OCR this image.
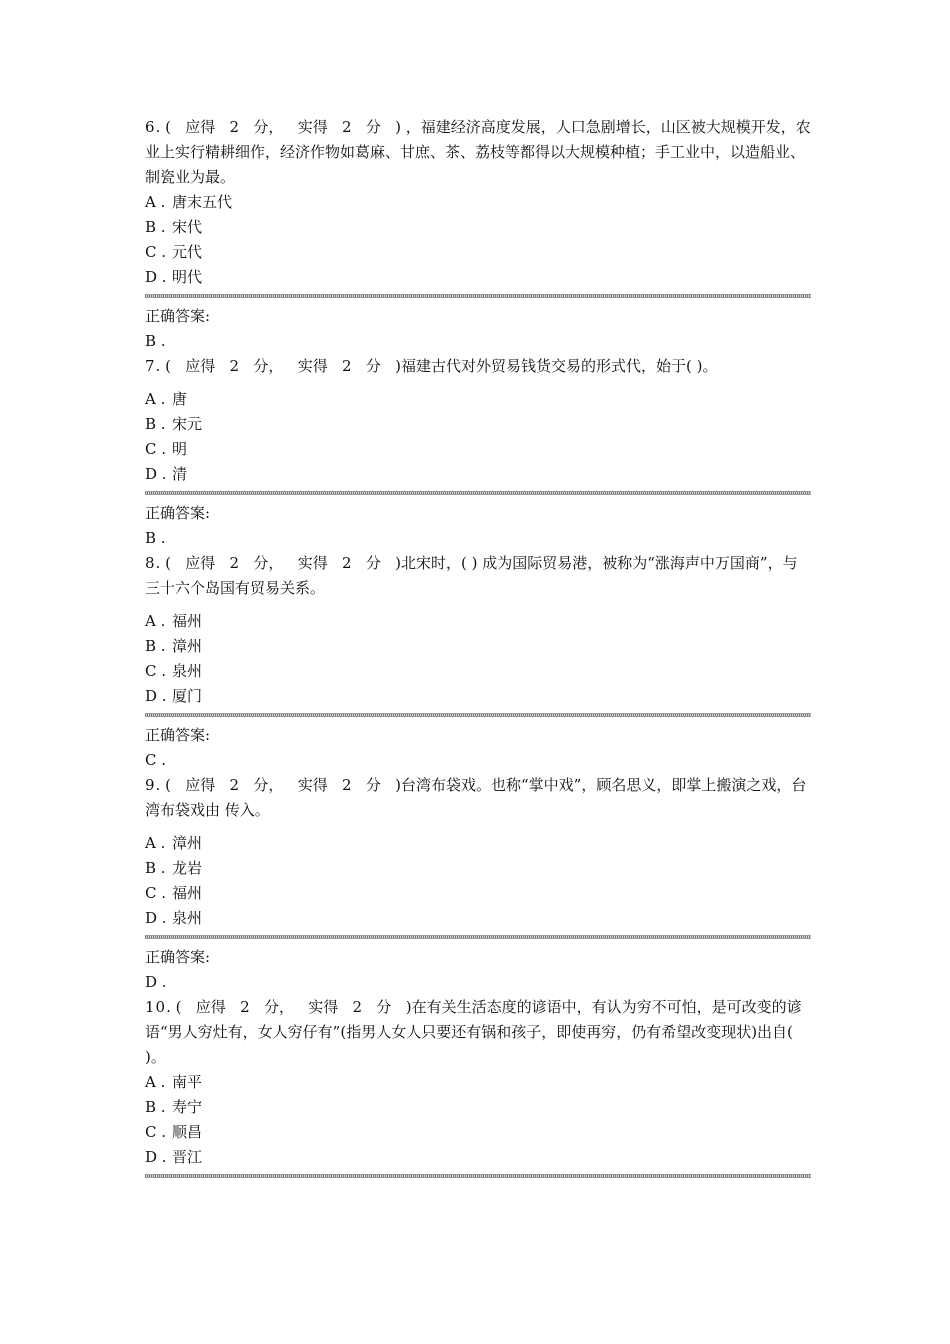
6. (   应得   2   分，   实得   2   分   ) ，福建经济高度发展，人口急剧增长，山区被大规模开发，农业上实行精耕细作，经济作物如葛麻、甘庶、茶、荔枝等都得以大规模种植；手工业中，以造船业、制瓷业为最。

A . 唐末五代
B . 宋代
C . 元代
D . 明代
正确答案:
B .

7. (   应得   2   分，   实得   2   分   )福建古代对外贸易钱货交易的形式代，始于( )。

A . 唐
B . 宋元
C . 明
D . 清
正确答案:
B .

8. (   应得   2   分，   实得   2   分   )北宋时，( ) 成为国际贸易港，被称为“涨海声中万国商”，与三十六个岛国有贸易关系。

A . 福州
B . 漳州
C . 泉州
D . 厦门
正确答案:
C .

9. (   应得   2   分，   实得   2   分   )台湾布袋戏。也称“掌中戏”，顾名思义，即掌上搬演之戏，台湾布袋戏由 传入。

A . 漳州
B . 龙岩
C . 福州
D . 泉州
正确答案:
D .

10. (   应得   2   分，   实得   2   分   )在有关生活态度的谚语中，有认为穷不可怕，是可改变的谚语“男人穷灶有，女人穷仔有”(指男人女人只要还有锅和孩子，即使再穷，仍有希望改变现状)出自( )。

A . 南平
B . 寿宁
C . 顺昌
D . 晋江
